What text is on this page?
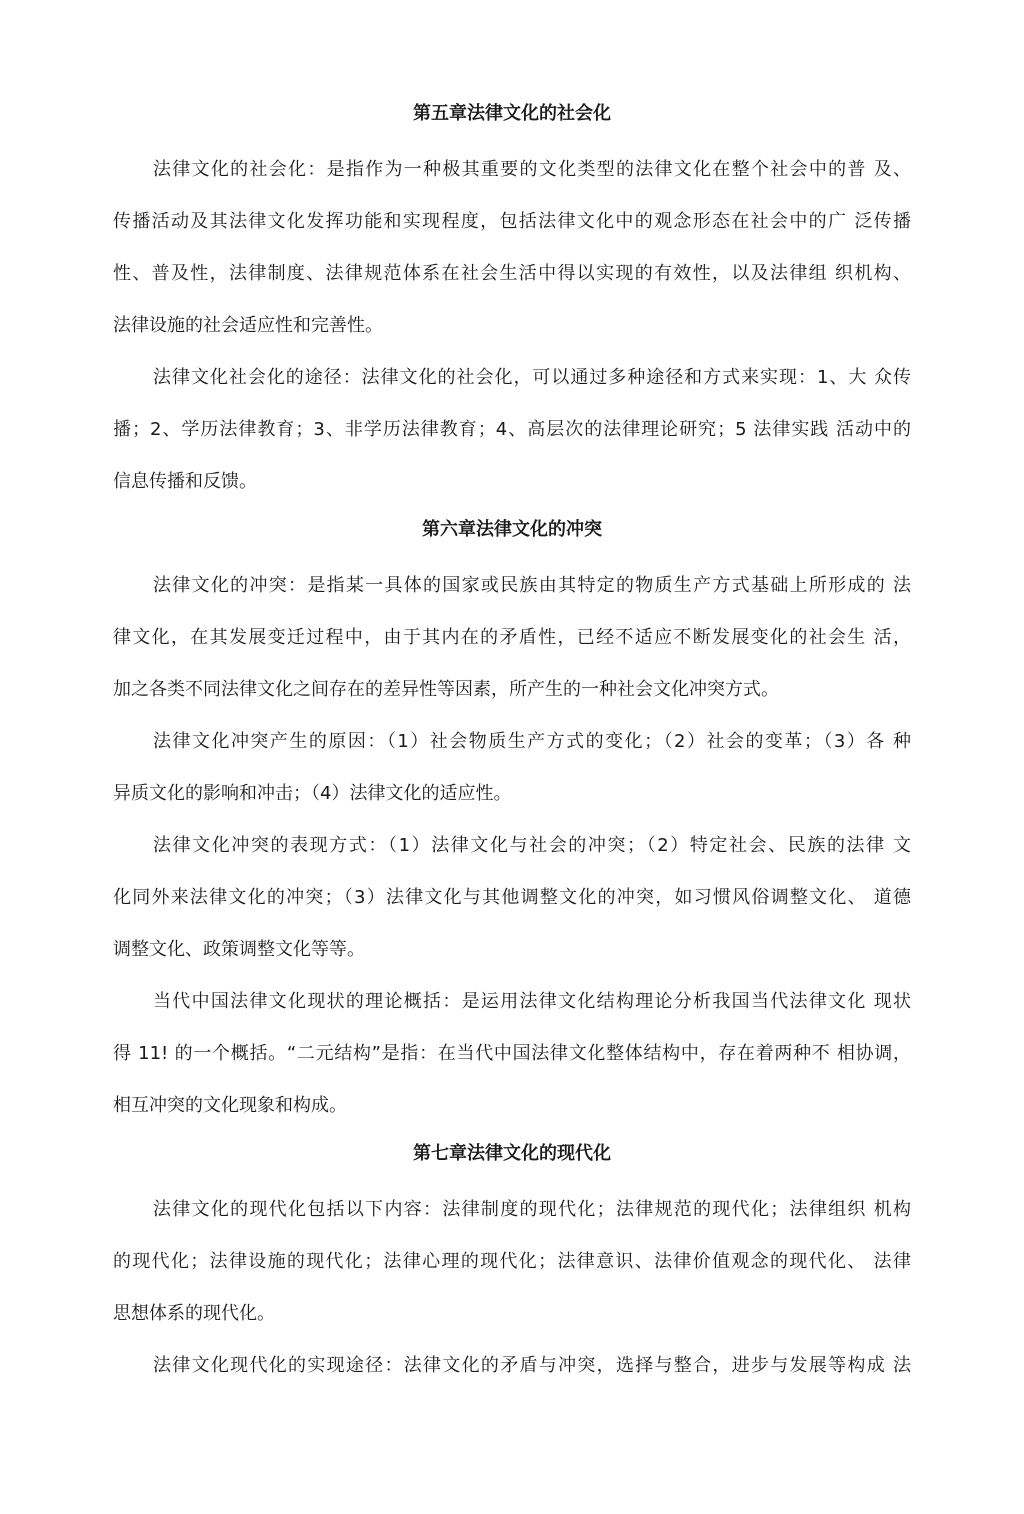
第五章法律文化的社会化

法律文化的社会化：是指作为一种极其重要的文化类型的法律文化在整个社会中的普 及、
传播活动及其法律文化发挥功能和实现程度，包括法律文化中的观念形态在社会中的广 泛传播
性、普及性，法律制度、法律规范体系在社会生活中得以实现的有效性，以及法律组 织机构、
法律设施的社会适应性和完善性。

法律文化社会化的途径：法律文化的社会化，可以通过多种途径和方式来实现：1、大 众传
播；2、学历法律教育；3、非学历法律教育；4、高层次的法律理论研究；5 法律实践 活动中的
信息传播和反馈。

第六章法律文化的冲突

法律文化的冲突：是指某一具体的国家或民族由其特定的物质生产方式基础上所形成的 法
律文化，在其发展变迁过程中，由于其内在的矛盾性，已经不适应不断发展变化的社会生 活，
加之各类不同法律文化之间存在的差异性等因素，所产生的一种社会文化冲突方式。

法律文化冲突产生的原因：（1）社会物质生产方式的变化；（2）社会的变革；（3）各 种
异质文化的影响和冲击；（4）法律文化的适应性。

法律文化冲突的表现方式：（1）法律文化与社会的冲突；（2）特定社会、民族的法律 文
化同外来法律文化的冲突；（3）法律文化与其他调整文化的冲突，如习惯风俗调整文化、 道德
调整文化、政策调整文化等等。

当代中国法律文化现状的理论概括：是运用法律文化结构理论分析我国当代法律文化 现状
得 11! 的一个概括。“二元结构”是指：在当代中国法律文化整体结构中，存在着两种不 相协调，
相互冲突的文化现象和构成。

第七章法律文化的现代化

法律文化的现代化包括以下内容：法律制度的现代化；法律规范的现代化；法律组织 机构
的现代化；法律设施的现代化；法律心理的现代化；法律意识、法律价值观念的现代化、 法律
思想体系的现代化。

法律文化现代化的实现途径：法律文化的矛盾与冲突，选择与整合，进步与发展等构成 法
